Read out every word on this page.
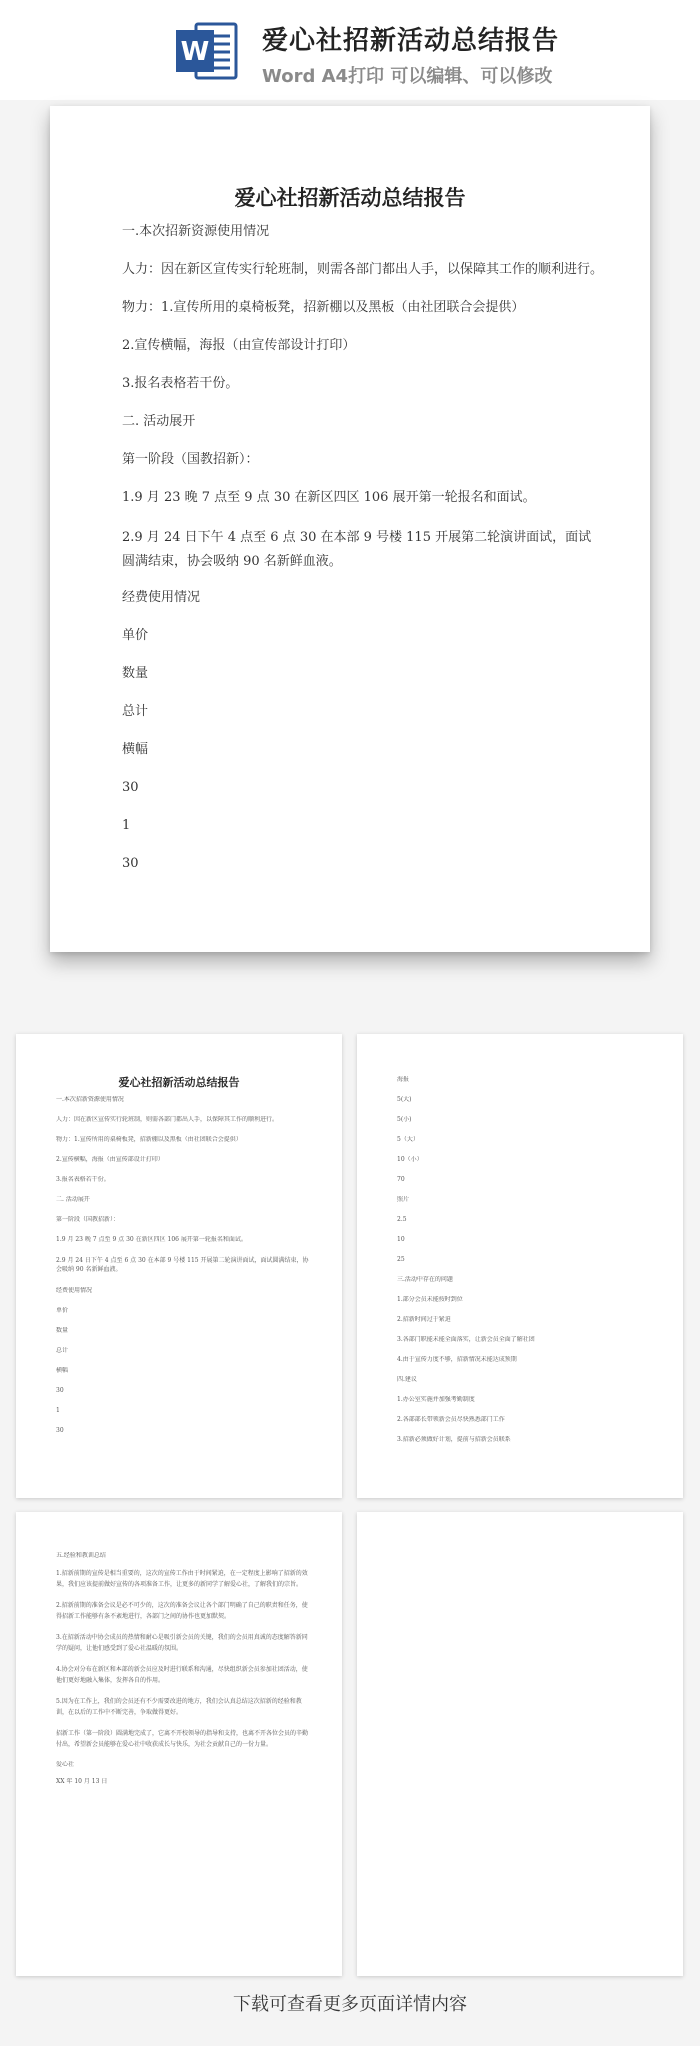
W 爱心社招新活动总结报告
Word A4打印 可以编辑、可以修改
爱心社招新活动总结报告
一.本次招新资源使用情况
人力：因在新区宣传实行轮班制，则需各部门都出人手，以保障其工作的顺利进行。
物力：1.宣传所用的桌椅板凳，招新棚以及黑板（由社团联合会提供）
2.宣传横幅，海报（由宣传部设计打印）
3.报名表格若干份。
二. 活动展开
第一阶段（国教招新）：
1.9 月 23 晚 7 点至 9 点 30 在新区四区 106 展开第一轮报名和面试。
2.9 月 24 日下午 4 点至 6 点 30 在本部 9 号楼 115 开展第二轮演讲面试，面试圆满结束，协会吸纳 90 名新鲜血液。
经费使用情况
单价
数量
总计
横幅
30
1
30
爱心社招新活动总结报告
一.本次招新资源使用情况
人力：因在新区宣传实行轮班制，则需各部门都出人手，以保障其工作的顺利进行。
物力：1.宣传所用的桌椅板凳，招新棚以及黑板（由社团联合会提供）
2.宣传横幅，海报（由宣传部设计打印）
3.报名表格若干份。
二. 活动展开
第一阶段（国教招新）：
1.9 月 23 晚 7 点至 9 点 30 在新区四区 106 展开第一轮报名和面试。
2.9 月 24 日下午 4 点至 6 点 30 在本部 9 号楼 115 开展第二轮演讲面试，面试圆满结束，协会吸纳 90 名新鲜血液。
经费使用情况
单价
数量
总计
横幅
30
1
30
海报
5(大)
5(小)
5（大）
10（小）
70
照片
2.5
10
25
三.活动中存在的问题
1.部分会员未能按时到位
2.招新时间过于紧迫
3.各部门职能未能全面落实，让新会员全面了解社团
4.由于宣传力度不够，招新情况未能达成预期
四.建议
1.办公室实施并加强考勤制度
2.各部部长带领新会员尽快熟悉部门工作
3.招新必须做好计划，提前与招新会员联系
五.经验和教训总结
1.招新前期的宣传是相当重要的，这次的宣传工作由于时间紧迫，在一定程度上影响了招新的效果，我们应该提前做好宣传的各项准备工作，让更多的新同学了解爱心社，了解我们的宗旨。
2.招新前期的准备会议是必不可少的，这次的准备会议让各个部门明确了自己的职责和任务，使得招新工作能够有条不紊地进行，各部门之间的协作也更加默契。
3.在招新活动中协会成员的热情和耐心是吸引新会员的关键，我们的会员用真诚的态度解答新同学的疑问，让他们感受到了爱心社温暖的氛围。
4.协会对分布在新区和本部的新会员应及时进行联系和沟通，尽快组织新会员参加社团活动，使他们更好地融入集体，发挥各自的作用。
5.因为在工作上，我们的会员还有不少需要改进的地方，我们会认真总结这次招新的经验和教训，在以后的工作中不断完善，争取做得更好。
招新工作（第一阶段）圆满地完成了，它离不开校领导的指导和支持，也离不开各位会员的辛勤付出，希望新会员能够在爱心社中收获成长与快乐，为社会贡献自己的一份力量。
爱心社
XX 年 10 月 13 日
下载可查看更多页面详情内容
